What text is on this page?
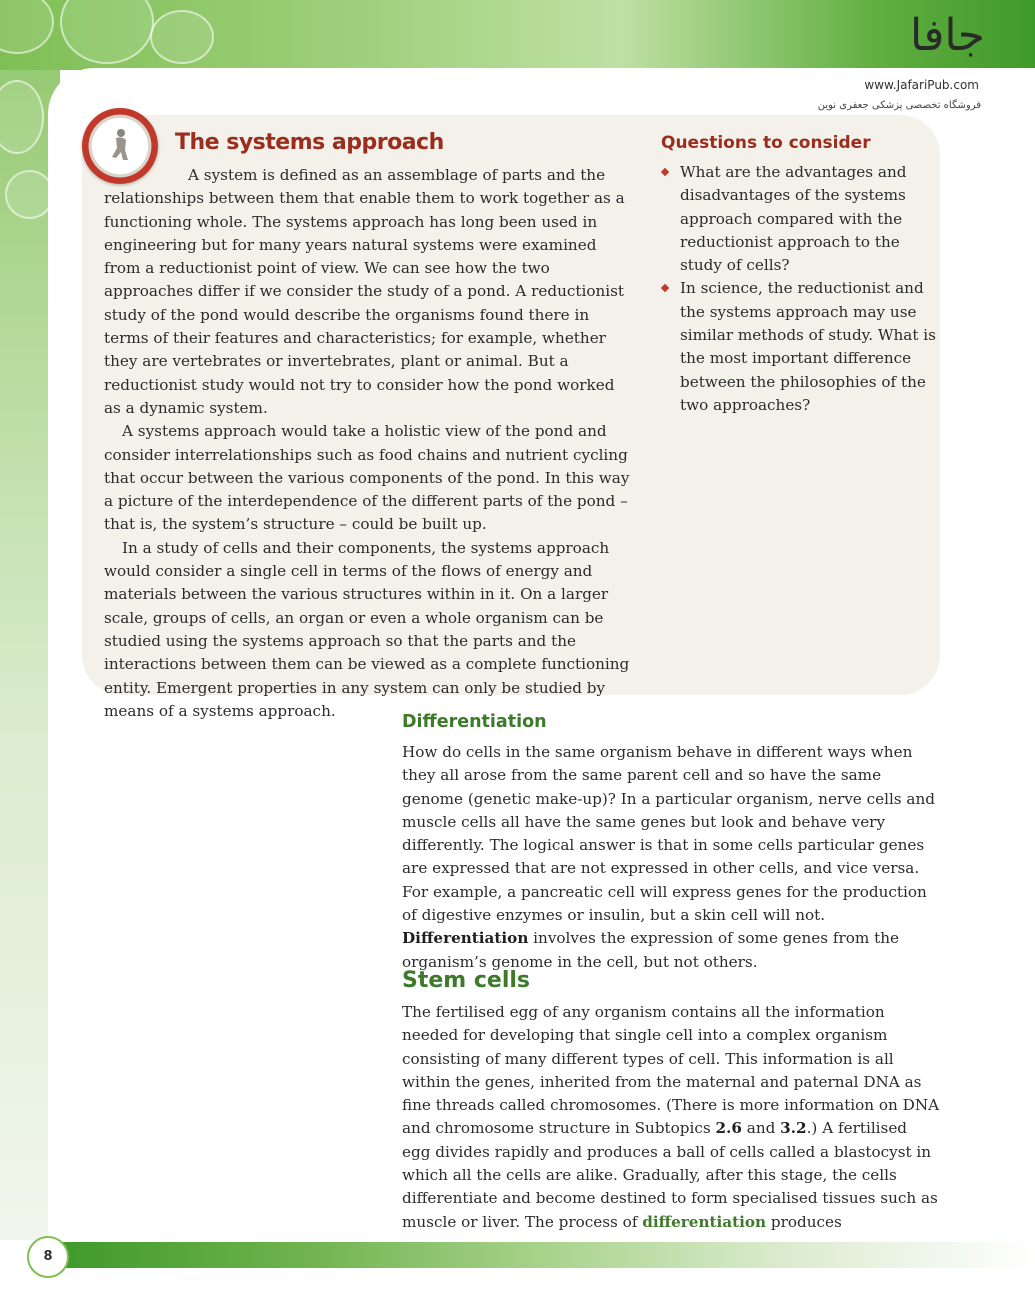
جافا
www.JafariPub.com
فروشگاه تخصصی پزشکی جعفری نوین
The systems approach

A system is defined as an assemblage of parts and the relationships between them that enable them to work together as a functioning whole. The systems approach has long been used in engineering but for many years natural systems were examined from a reductionist point of view. We can see how the two approaches differ if we consider the study of a pond. A reductionist study of the pond would describe the organisms found there in terms of their features and characteristics; for example, whether they are vertebrates or invertebrates, plant or animal. But a reductionist study would not try to consider how the pond worked as a dynamic system.

A systems approach would take a holistic view of the pond and consider interrelationships such as food chains and nutrient cycling that occur between the various components of the pond. In this way a picture of the interdependence of the different parts of the pond – that is, the system’s structure – could be built up.

In a study of cells and their components, the systems approach would consider a single cell in terms of the flows of energy and materials between the various structures within in it. On a larger scale, groups of cells, an organ or even a whole organism can be studied using the systems approach so that the parts and the interactions between them can be viewed as a complete functioning entity. Emergent properties in any system can only be studied by means of a systems approach.

Questions to consider
What are the advantages and disadvantages of the systems approach compared with the reductionist approach to the study of cells?
In science, the reductionist and the systems approach may use similar methods of study. What is the most important difference between the philosophies of the two approaches?
Differentiation

How do cells in the same organism behave in different ways when they all arose from the same parent cell and so have the same genome (genetic make-up)? In a particular organism, nerve cells and muscle cells all have the same genes but look and behave very differently. The logical answer is that in some cells particular genes are expressed that are not expressed in other cells, and vice versa. For example, a pancreatic cell will express genes for the production of digestive enzymes or insulin, but a skin cell will not. Differentiation involves the expression of some genes from the organism’s genome in the cell, but not others.

Stem cells

The fertilised egg of any organism contains all the information needed for developing that single cell into a complex organism consisting of many different types of cell. This information is all within the genes, inherited from the maternal and paternal DNA as fine threads called chromosomes. (There is more information on DNA and chromosome structure in Subtopics 2.6 and 3.2.) A fertilised egg divides rapidly and produces a ball of cells called a blastocyst in which all the cells are alike. Gradually, after this stage, the cells differentiate and become destined to form specialised tissues such as muscle or liver. The process of differentiation produces

8
